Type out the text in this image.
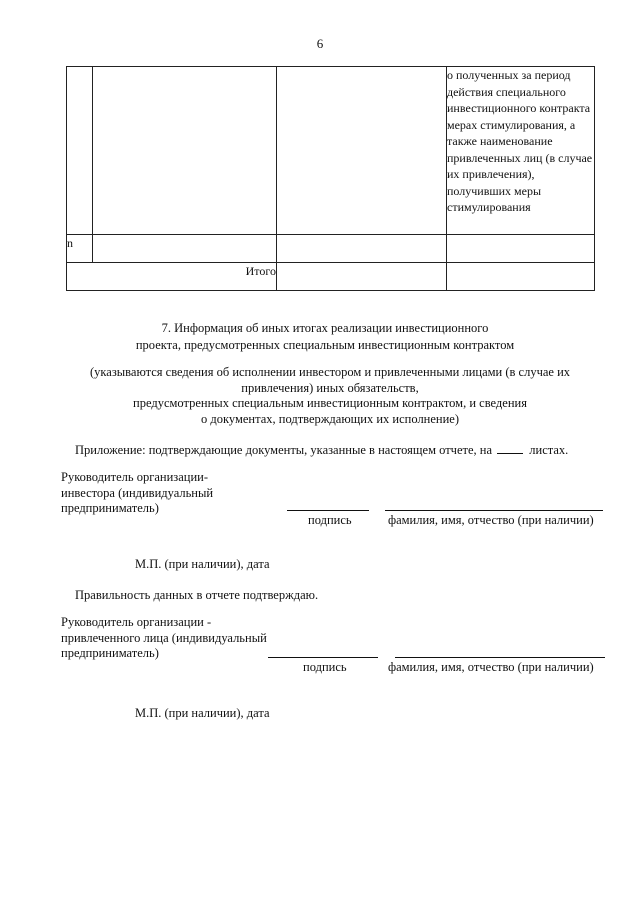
6
			о полученных за период действия специального инвестиционного контракта мерах стимулирования, а также наименование привлеченных лиц (в случае их привлечения), получивших меры стимулирования
n			
Итого			
7. Информация об иных итогах реализации инвестиционного
проекта, предусмотренных специальным инвестиционным контрактом
(указываются сведения об исполнении инвестором и привлеченными лицами (в случае их
привлечения) иных обязательств,
предусмотренных специальным инвестиционным контрактом, и сведения
о документах, подтверждающих их исполнение)
Приложение: подтверждающие документы, указанные в настоящем отчете, на	листах.
Руководитель организации-
инвестора (индивидуальный
предприниматель)
подпись	фамилия, имя, отчество (при наличии)
М.П. (при наличии), дата
Правильность данных в отчете подтверждаю.
Руководитель организации -
привлеченного лица (индивидуальный
предприниматель)
подпись	фамилия, имя, отчество (при наличии)
М.П. (при наличии), дата
